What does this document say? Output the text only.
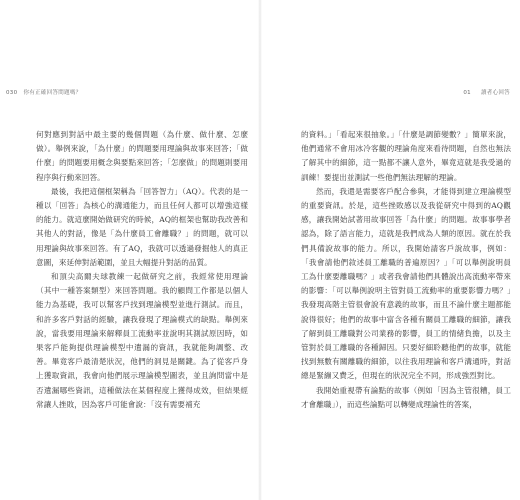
030 你有正確回答問題嗎？

何對應到對話中最主要的幾個問題（為什麼、做什麼、怎麼做）。舉例來說，「為什麼」的問題要用理論與故事來回答；「做什麼」的問題要用概念與要點來回答；「怎麼做」的問題則要用程序與行動來回答。

最後，我把這個框架稱為「回答智力」（AQ）。代表的是一種以「回答」為核心的溝通能力，而且任何人都可以增強這樣的能力。就這麼開始做研究的時候，AQ的框架也幫助我改善和其他人的對話，像是「為什麼員工會離職？」的問題，就可以用理論與故事來回答。有了AQ，我就可以透過發掘他人的真正意圖，來延伸對話範圍，並且大幅提升對話的品質。

和頂尖高爾夫球教練一起做研究之前，我經常使用理論（其中一種答案類型）來回答問題。我的顧問工作都是以個人能力為基礎，我可以幫客戶找到理論模型並進行測試。而且，和許多客戶對話的經驗，讓我發現了理論模式的缺點。舉例來說，當我要用理論來解釋員工流動率並說明其測試原因時，如果客戶能夠提供理論模型中遺漏的資訊，我就能夠調整、改善。畢竟客戶最清楚狀況，他們的洞見是關鍵。為了從客戶身上獲取資訊，我會向他們展示理論模型圖表，並且詢問當中是否遺漏哪些資訊，這種做法在某個程度上獲得成效，但結果經常讓人挫敗，因為客戶可能會說：「沒有需要補充

01 讀者心回答

的資料。」「看起來很抽象。」「什麼是調節變數？」簡單來說，他們通常不會用冰冷客觀的理論角度來看待問題，自然也無法了解其中的細節，這一點都不讓人意外，畢竟這就是我受過的訓練！要提出並測試一些他們無法理解的理論。

然而，我還是需要客戶配合參與，才能得到建立理論模型的重要資訊。於是，這些挫敗感以及我從研究中得到的AQ觀感，讓我開始試著用故事回答「為什麼」的問題。故事事學者認為，除了語言能力，這就是我們成為人類的原因。就在於我們具備說故事的能力。所以，我開始請客戶說故事，例如：「我會請他們敘述員工離職的普遍原因？」「可以舉例說明員工為什麼要離職嗎？」或者我會請他們具體說出高流動率帶來的影響：「可以舉例說明主管對員工流動率的重要影響力嗎？」我發現高階主管很會說有意義的故事，而且不論什麼主題都能說得很好；他們的故事中富含各種有關員工離職的細節，讓我了解到員工離職對公司業務的影響，員工的情緒負擔，以及主管對於員工離職的各種歸因。只要好細聆聽他們的故事，就能找到無數有關離職的細節，以往我用理論和客戶溝通時，對話總是緊繃又費乏，但現在的狀況完全不同，形成強烈對比。

我開始重視帶有論點的故事（例如「因為主管很糟，員工才會離職」），而這些論點可以轉變成理論性的答案，
